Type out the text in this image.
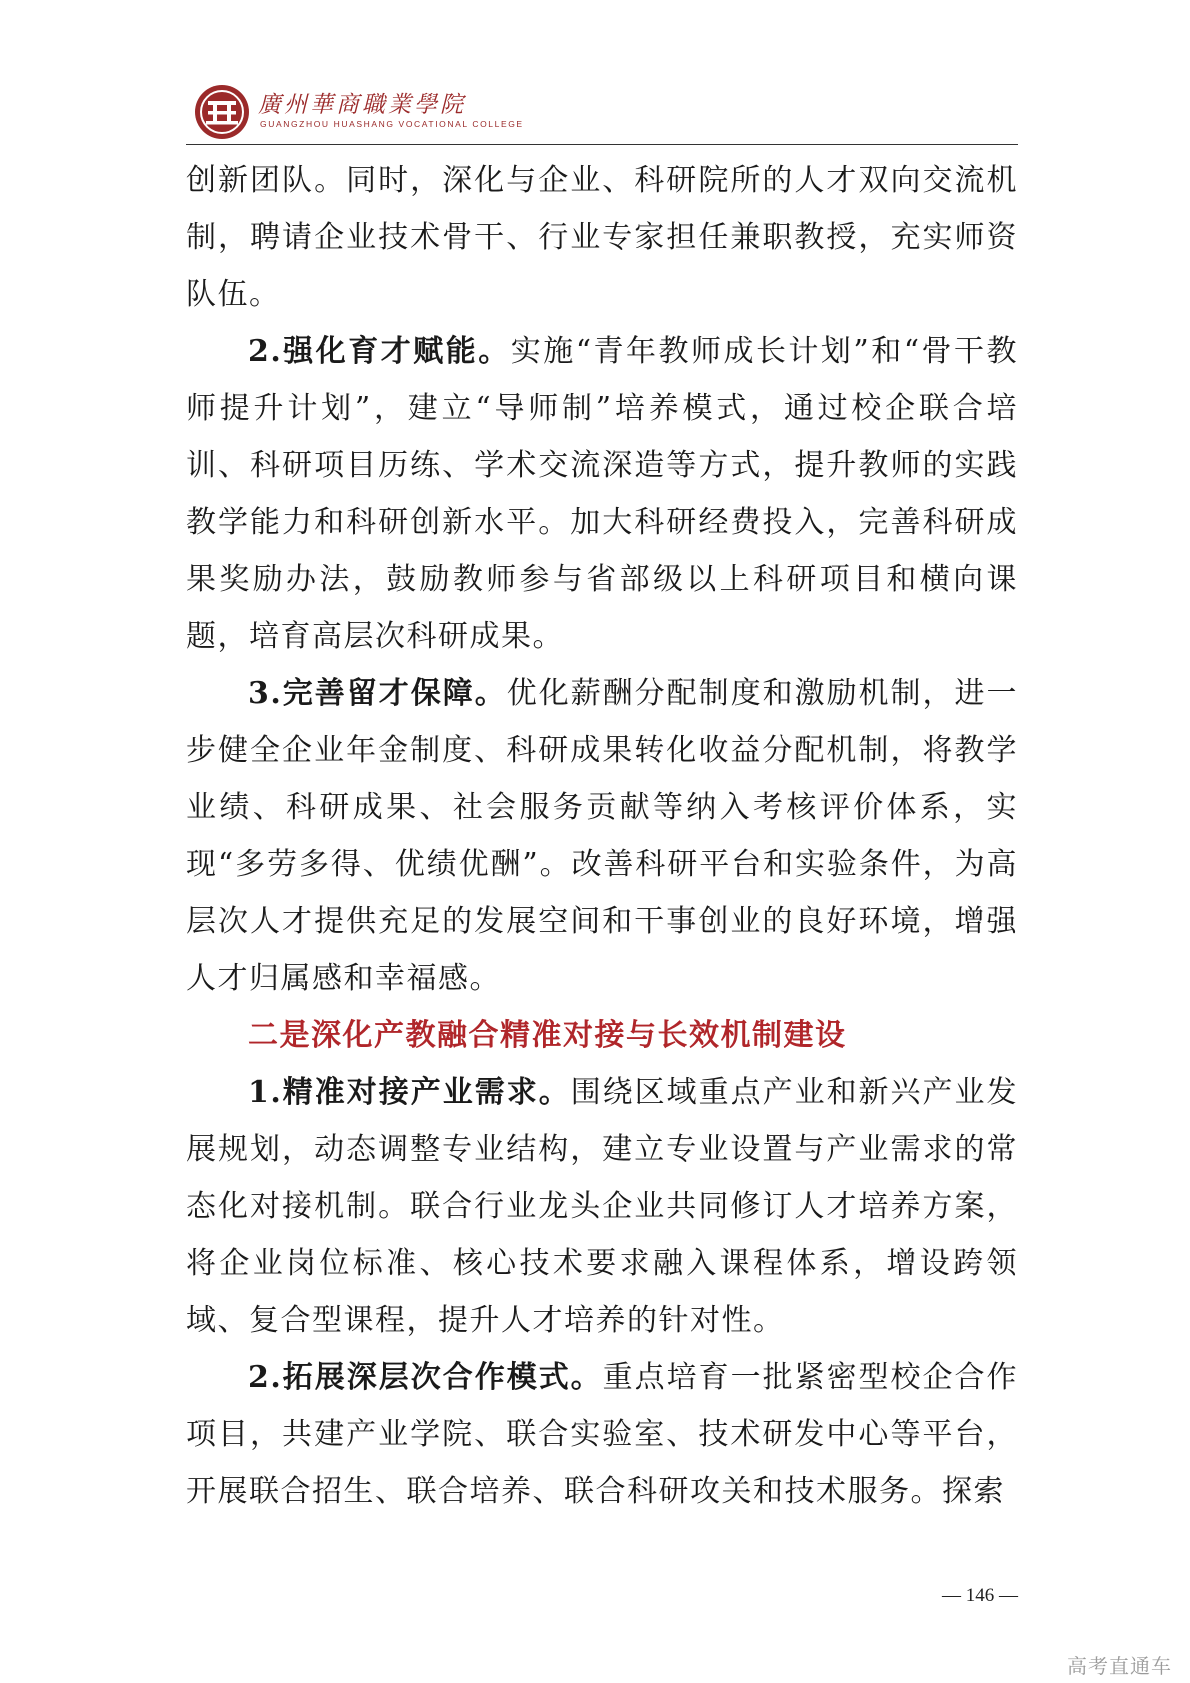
廣州華商職業學院
GUANGZHOU HUASHANG VOCATIONAL COLLEGE

创新团队。同时，深化与企业、科研院所的人才双向交流机制，聘请企业技术骨干、行业专家担任兼职教授，充实师资队伍。

2.强化育才赋能。实施“青年教师成长计划”和“骨干教师提升计划”，建立“导师制”培养模式，通过校企联合培训、科研项目历练、学术交流深造等方式，提升教师的实践教学能力和科研创新水平。加大科研经费投入，完善科研成果奖励办法，鼓励教师参与省部级以上科研项目和横向课题，培育高层次科研成果。

3.完善留才保障。优化薪酬分配制度和激励机制，进一步健全企业年金制度、科研成果转化收益分配机制，将教学业绩、科研成果、社会服务贡献等纳入考核评价体系，实现“多劳多得、优绩优酬”。改善科研平台和实验条件，为高层次人才提供充足的发展空间和干事创业的良好环境，增强人才归属感和幸福感。

二是深化产教融合精准对接与长效机制建设

1.精准对接产业需求。围绕区域重点产业和新兴产业发展规划，动态调整专业结构，建立专业设置与产业需求的常态化对接机制。联合行业龙头企业共同修订人才培养方案，将企业岗位标准、核心技术要求融入课程体系，增设跨领域、复合型课程，提升人才培养的针对性。

2.拓展深层次合作模式。重点培育一批紧密型校企合作项目，共建产业学院、联合实验室、技术研发中心等平台，开展联合招生、联合培养、联合科研攻关和技术服务。探索

— 146 —
高考直通车
